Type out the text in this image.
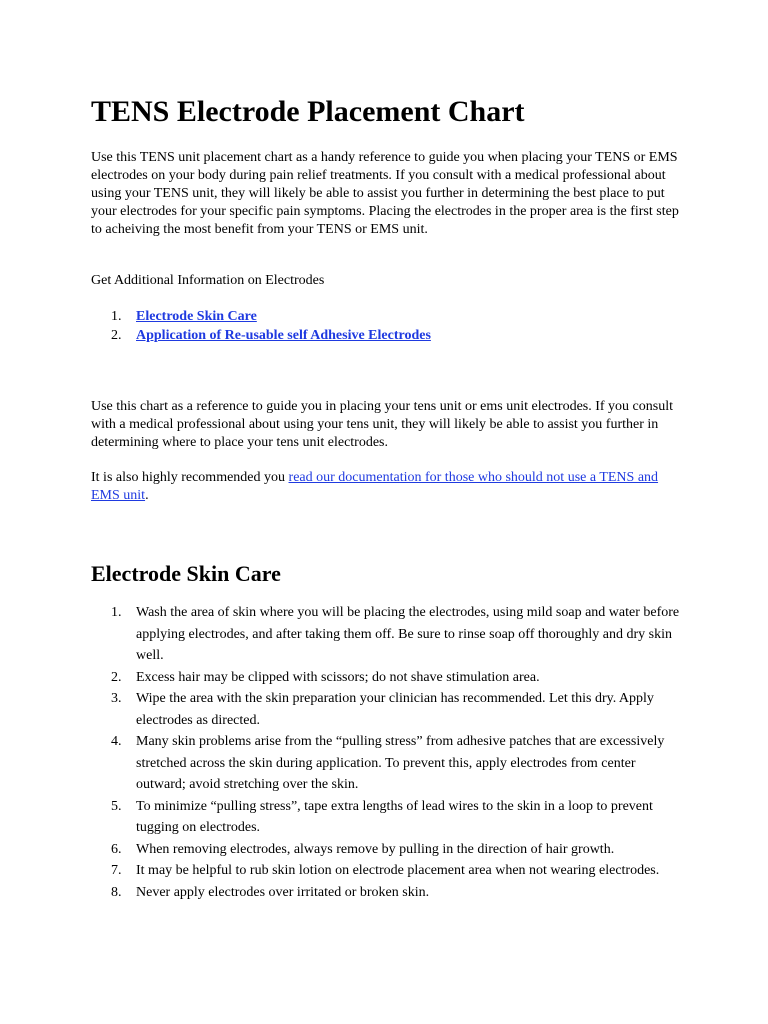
TENS Electrode Placement Chart

Use this TENS unit placement chart as a handy reference to guide you when placing your TENS or EMS electrodes on your body during pain relief treatments. If you consult with a medical professional about using your TENS unit, they will likely be able to assist you further in determining the best place to put your electrodes for your specific pain symptoms. Placing the electrodes in the proper area is the first step to acheiving the most benefit from your TENS or EMS unit.

Get Additional Information on Electrodes

1.	Electrode Skin Care
2.	Application of Re-usable self Adhesive Electrodes

Use this chart as a reference to guide you in placing your tens unit or ems unit electrodes. If you consult with a medical professional about using your tens unit, they will likely be able to assist you further in determining where to place your tens unit electrodes.

It is also highly recommended you read our documentation for those who should not use a TENS and EMS unit.

Electrode Skin Care
1.	Wash the area of skin where you will be placing the electrodes, using mild soap and water before applying electrodes, and after taking them off. Be sure to rinse soap off thoroughly and dry skin well.
2.	Excess hair may be clipped with scissors; do not shave stimulation area.
3.	Wipe the area with the skin preparation your clinician has recommended. Let this dry. Apply electrodes as directed.
4.	Many skin problems arise from the “pulling stress” from adhesive patches that are excessively stretched across the skin during application. To prevent this, apply electrodes from center outward; avoid stretching over the skin.
5.	To minimize “pulling stress”, tape extra lengths of lead wires to the skin in a loop to prevent tugging on electrodes.
6.	When removing electrodes, always remove by pulling in the direction of hair growth.
7.	It may be helpful to rub skin lotion on electrode placement area when not wearing electrodes.
8.	Never apply electrodes over irritated or broken skin.
